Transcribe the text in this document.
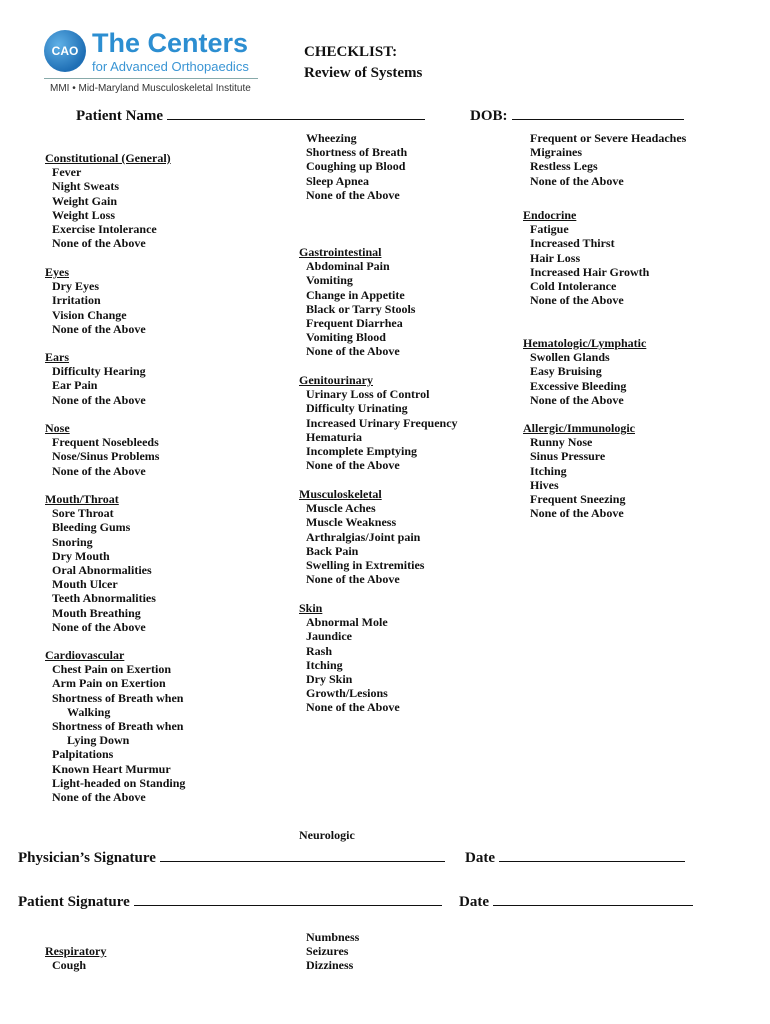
CAO The Centers
for Advanced Orthopaedics
MMI • Mid-Maryland Musculoskeletal Institute
CHECKLIST:
Review of Systems
Patient Name	DOB:
Constitutional (General)
Fever
Night Sweats
Weight Gain
Weight Loss
Exercise Intolerance
None of the Above
Eyes
Dry Eyes
Irritation
Vision Change
None of the Above
Ears
Difficulty Hearing
Ear Pain
None of the Above
Nose
Frequent Nosebleeds
Nose/Sinus Problems
None of the Above
Mouth/Throat
Sore Throat
Bleeding Gums
Snoring
Dry Mouth
Oral Abnormalities
Mouth Ulcer
Teeth Abnormalities
Mouth Breathing
None of the Above
Cardiovascular
Chest Pain on Exertion
Arm Pain on Exertion
Shortness of Breath when
Walking
Shortness of Breath when
Lying Down
Palpitations
Known Heart Murmur
Light-headed on Standing
None of the Above
Wheezing
Shortness of Breath
Coughing up Blood
Sleep Apnea
None of the Above
Gastrointestinal
Abdominal Pain
Vomiting
Change in Appetite
Black or Tarry Stools
Frequent Diarrhea
Vomiting Blood
None of the Above
Genitourinary
Urinary Loss of Control
Difficulty Urinating
Increased Urinary Frequency
Hematuria
Incomplete Emptying
None of the Above
Musculoskeletal
Muscle Aches
Muscle Weakness
Arthralgias/Joint pain
Back Pain
Swelling in Extremities
None of the Above
Skin
Abnormal Mole
Jaundice
Rash
Itching
Dry Skin
Growth/Lesions
None of the Above
Neurologic
Frequent or Severe Headaches
Migraines
Restless Legs
None of the Above
Endocrine
Fatigue
Increased Thirst
Hair Loss
Increased Hair Growth
Cold Intolerance
None of the Above
Hematologic/Lymphatic
Swollen Glands
Easy Bruising
Excessive Bleeding
None of the Above
Allergic/Immunologic
Runny Nose
Sinus Pressure
Itching
Hives
Frequent Sneezing
None of the Above
Physician’s Signature	Date
Patient Signature	Date
Respiratory
Cough
Numbness
Seizures
Dizziness
